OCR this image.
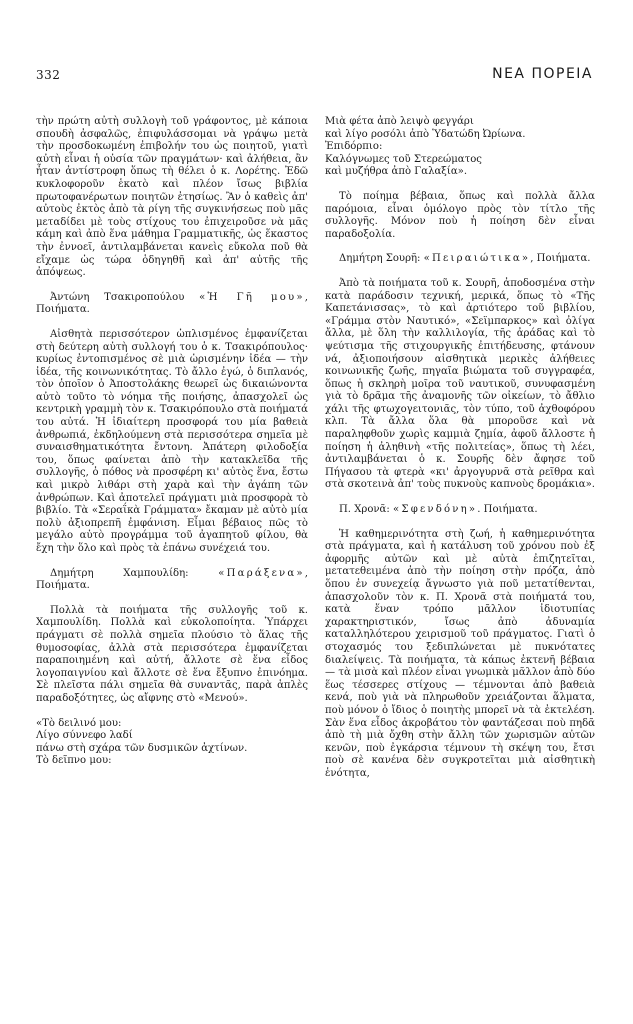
332	ΝΕΑ ΠΟΡΕΙΑ

τὴν πρώτη αὐτὴ συλλογὴ τοῦ γράφοντος, μὲ κάποια σπουδὴ ἀσφαλῶς, ἐπιφυλάσσομαι νὰ γράψω μετὰ τὴν προσδοκωμένη ἐπιβολήν του ὡς ποιητοῦ, γιατὶ αὐτὴ εἶναι ἡ οὐσία τῶν πραγμάτων· καὶ ἀλήθεια, ἂν ἦταν ἀντίστροφη ὅπως τὴ θέλει ὁ κ. Λορέτης. Ἐδῶ κυκλοφοροῦν ἑκατὸ καὶ πλέον ἴσως βιβλία πρωτοφανέρωτων ποιητῶν ἐτησίως. Ἂν ὁ καθεὶς ἀπ' αὐτοὺς ἐκτὸς ἀπὸ τὰ ρίγη τῆς συγκινήσεως ποὺ μᾶς μεταδίδει μὲ τοὺς στίχους του ἐπιχειροῦσε νὰ μᾶς κάμη καὶ ἀπὸ ἕνα μάθημα Γραμματικῆς, ὡς ἕκαστος τὴν ἐννοεῖ, ἀντιλαμβάνεται κανεὶς εὔκολα ποῦ θὰ εἴχαμε ὡς τώρα ὁδηγηθῆ καὶ ἀπ' αὐτῆς τῆς ἀπόψεως.

Ἀντώνη Τσακιροπούλου «Ἡ Γῆ μου», Ποιήματα.

Αἰσθητὰ περισσότερον ὡπλισμένος ἐμφανίζεται στὴ δεύτερη αὐτὴ συλλογή του ὁ κ. Τσακιρόπουλος· κυρίως ἐντοπισμένος σὲ μιὰ ὡρισμένην ἰδέα — τὴν ἰδέα, τῆς κοινωνικότητας. Τὸ ἄλλο ἐγώ, ὁ διπλανός, τὸν ὁποῖον ὁ Ἀποστολάκης θεωρεῖ ὡς δικαιώνοντα αὐτὸ τοῦτο τὸ νόημα τῆς ποιήσης, ἀπασχολεῖ ὡς κεντρικὴ γραμμὴ τὸν κ. Τσακιρόπουλο στὰ ποιήματά του αὐτά. Ἡ ἰδιαίτερη προσφορά του μία βαθειὰ ἀνθρωπιά, ἐκδηλούμενη στὰ περισσότερα σημεῖα μὲ συναισθηματικότητα ἔντονη. Ἀπάτερη φιλοδοξία του, ὅπως φαίνεται ἀπὸ τὴν κατακλεῖδα τῆς συλλογῆς, ὁ πόθος νὰ προσφέρη κι' αὐτὸς ἕνα, ἔστω καὶ μικρὸ λιθάρι στὴ χαρὰ καὶ τὴν ἀγάπη τῶν ἀνθρώπων. Καὶ ἀποτελεῖ πράγματι μιὰ προσφορὰ τὸ βιβλίο. Τὰ «Σεραΐκὰ Γράμματα» ἔκαμαν μὲ αὐτὸ μία πολὺ ἀξιοπρεπῆ ἐμφάνιση. Εἶμαι βέβαιος πῶς τὸ μεγάλο αὐτὸ προγράμμα τοῦ ἀγαπητοῦ φίλου, θὰ ἔχη τὴν ὅλο καὶ πρὸς τὰ ἐπάνω συνέχειά του.

Δημήτρη Χαμπουλίδη:	«Παράξενα», Ποιήματα.

Πολλὰ τὰ ποιήματα τῆς συλλογῆς τοῦ κ. Χαμπουλίδη. Πολλὰ καὶ εὐκολοποίητα. Ὑπάρχει πράγματι σὲ πολλὰ σημεῖα πλούσιο τὸ ἅλας τῆς θυμοσοφίας, ἀλλὰ στὰ περισσότερα ἐμφανίζεται παραποιημένη καὶ αὐτή, ἄλλοτε σὲ ἕνα εἶδος λογοπαιγνίου καὶ ἄλλοτε σὲ ἕνα ἔξυπνο ἐπινόημα. Σὲ πλεῖστα πάλι σημεῖα θὰ συναντᾶς, παρὰ ἁπλὲς παραδοξότητες, ὡς αἴφνης στὸ «Μενού».

«Τὸ δειλινό μου:
Λίγο σύννεφο λαδί
πάνω στὴ σχάρα τῶν δυσμικῶν ἀχτίνων.
Τὸ δεῖπνο μου:
Μιὰ φέτα ἀπὸ λειψὸ φεγγάρι
καὶ λίγο ροσόλι ἀπὸ Ὑδατώδη Ὠρίωνα.
Ἐπιδόρπιο:
Καλόγνωμες τοῦ Στερεώματος
καὶ μυζήθρα ἀπὸ Γαλαξία».

Τὸ ποίημα βέβαια, ὅπως καὶ πολλὰ ἄλλα παρόμοια, εἶναι ὁμόλογο πρὸς τὸν τίτλο τῆς συλλογῆς. Μόνον ποὺ ἡ ποίηση δὲν εἶναι παραδοξολία.

Δημήτρη Σουρῆ: «Πειραιώτικα», Ποιήματα.

Ἀπὸ τὰ ποιήματα τοῦ κ. Σουρῆ, ἀποδοσμένα στὴν κατὰ παράδοσιν τεχνική, μερικά, ὅπως τὸ «Τῆς Καπετάνισσας», τὸ καὶ ἀρτιότερο τοῦ βιβλίου, «Γράμμα στὸν Ναυτικό», «Σεϊμπαρκος» καὶ ὀλίγα ἄλλα, μὲ ὅλη τὴν καλλιλογία, τῆς ἀράδας καὶ τὸ ψεύτισμα τῆς στιχουργικῆς ἐπιτήδευσης, φτάνουν νά, ἀξιοποιήσουν αἰσθητικὰ μερικὲς ἀλήθειες κοινωνικῆς ζωῆς, πηγαῖα βιώματα τοῦ συγγραφέα, ὅπως ἡ σκληρὴ μοῖρα τοῦ ναυτικοῦ, συνυφασμένη γιὰ τὸ δρᾶμα τῆς ἀναμονῆς τῶν οἰκείων, τὸ ἄθλιο χάλι τῆς φτωχογειτονιᾶς, τὸν τύπο, τοῦ ἀχθοφόρου κλπ. Τὰ ἄλλα ὅλα θὰ μποροῦσε καὶ νὰ παραληφθοῦν χωρὶς καμμιὰ ζημία, ἀφοῦ ἄλλοστε ἡ ποίηση ἡ ἀληθινὴ «τῆς πολιτείας», ὅπως τὴ λέει, ἀντιλαμβάνεται ὁ κ. Σουρῆς δὲν ἄφησε τοῦ Πήγασου τὰ φτερὰ «κι' ἀργογυρνᾶ στὰ ρεῖθρα καὶ στὰ σκοτεινὰ ἀπ' τοὺς πυκνοὺς καπνοὺς δρομάκια».

Π. Χρονᾶ: «Σφενδόνη». Ποιήματα.

Ἡ καθημερινότητα στὴ ζωή, ἡ καθημερινότητα στὰ πράγματα, καὶ ἡ κατάλυση τοῦ χρόνου ποὺ ἐξ ἀφορμῆς αὐτῶν καὶ μὲ αὐτὰ ἐπιζητεῖται, μετατεθειμένα ἀπὸ τὴν ποίηση στὴν πρόζα, ἀπὸ ὅπου ἐν συνεχείᾳ ἄγνωστο γιὰ ποῦ μετατίθενται, ἀπασχολοῦν τὸν κ. Π. Χρονᾶ στὰ ποιήματά του, κατὰ ἕναν τρόπο μᾶλλον ἰδιοτυπίας χαρακτηριστικόν, ἴσως ἀπὸ ἀδυναμία καταλληλότερου χειρισμοῦ τοῦ πράγματος. Γιατὶ ὁ στοχασμός του ξεδιπλώνεται μὲ πυκνότατες διαλείψεις. Τὰ ποιήματα, τὰ κάπως ἐκτενῆ βέβαια — τὰ μισὰ καὶ πλέον εἶναι γνωμικὰ μᾶλλον ἀπὸ δύο ἕως τέσσερες στίχους — τέμνονται ἀπὸ βαθειὰ κενά, ποὺ γιὰ νὰ πληρωθοῦν χρειάζονται ἅλματα, ποὺ μόνον ὁ ἴδιος ὁ ποιητὴς μπορεῖ νὰ τὰ ἐκτελέση. Σὰν ἕνα εἶδος ἀκροβάτου τὸν φαντάζεσαι ποὺ πηδᾶ ἀπὸ τὴ μιὰ ὄχθη στὴν ἄλλη τῶν χωρισμῶν αὐτῶν κενῶν, ποὺ ἐγκάρσια τέμνουν τὴ σκέψη του, ἔτσι ποὺ σὲ κανένα δὲν συγκροτεῖται μιὰ αἰσθητικὴ ἑνότητα,
